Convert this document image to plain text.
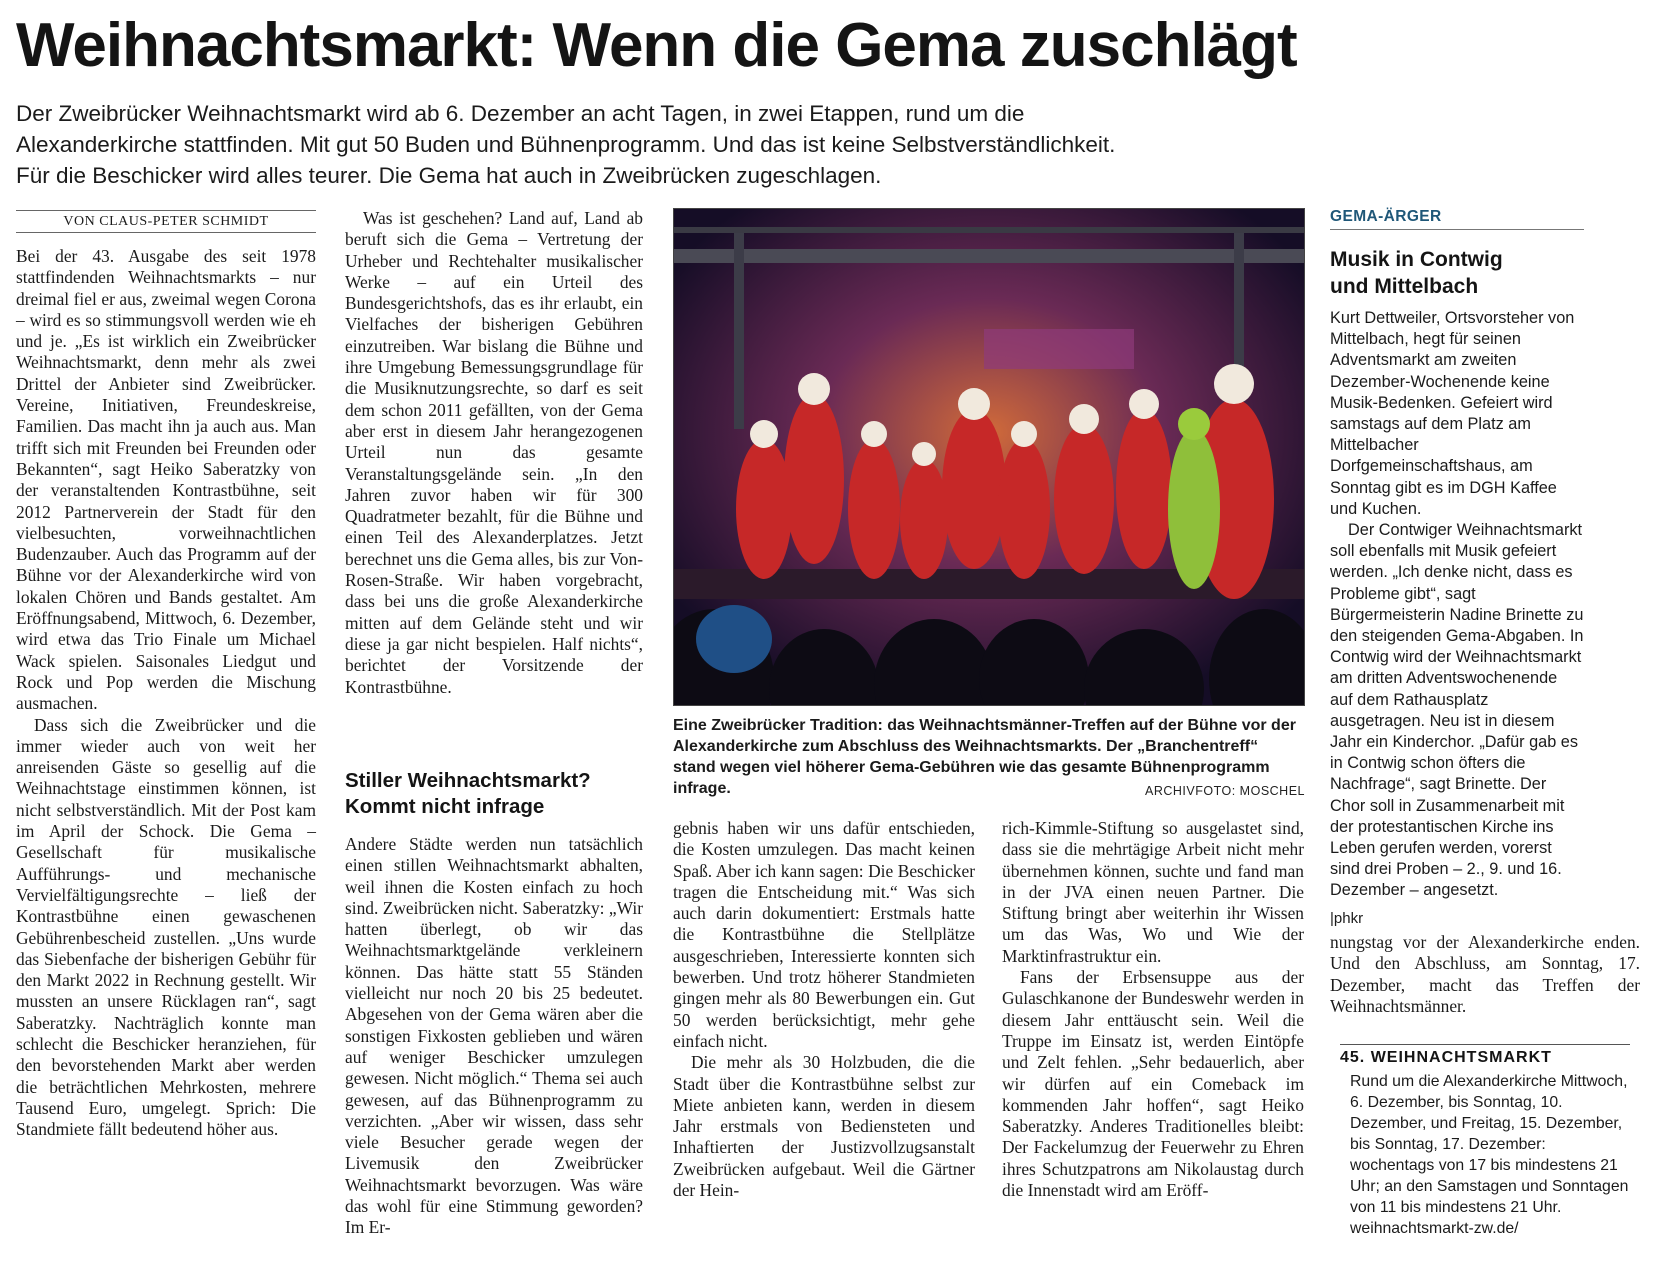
Weihnachtsmarkt: Wenn die Gema zuschlägt
Der Zweibrücker Weihnachtsmarkt wird ab 6. Dezember an acht Tagen, in zwei Etappen, rund um die
Alexanderkirche stattfinden. Mit gut 50 Buden und Bühnenprogramm. Und das ist keine Selbstverständlichkeit.
Für die Beschicker wird alles teurer. Die Gema hat auch in Zweibrücken zugeschlagen.
VON CLAUS-PETER SCHMIDT

Bei der 43. Ausgabe des seit 1978 stattfindenden Weihnachtsmarkts – nur dreimal fiel er aus, zweimal wegen Corona – wird es so stimmungsvoll werden wie eh und je. „Es ist wirklich ein Zweibrücker Weihnachtsmarkt, denn mehr als zwei Drittel der Anbieter sind Zweibrücker. Vereine, Initiativen, Freundeskreise, Familien. Das macht ihn ja auch aus. Man trifft sich mit Freunden bei Freunden oder Bekannten“, sagt Heiko Saberatzky von der veranstaltenden Kontrastbühne, seit 2012 Partnerverein der Stadt für den vielbesuchten, vorweihnachtlichen Budenzauber. Auch das Programm auf der Bühne vor der Alexanderkirche wird von lokalen Chören und Bands gestaltet. Am Eröffnungsabend, Mittwoch, 6. Dezember, wird etwa das Trio Finale um Michael Wack spielen. Saisonales Liedgut und Rock und Pop werden die Mischung ausmachen.

Dass sich die Zweibrücker und die immer wieder auch von weit her anreisenden Gäste so gesellig auf die Weihnachtstage einstimmen können, ist nicht selbstverständlich. Mit der Post kam im April der Schock. Die Gema – Gesellschaft für musikalische Aufführungs- und mechanische Vervielfältigungsrechte – ließ der Kontrastbühne einen gewaschenen Gebührenbescheid zustellen. „Uns wurde das Siebenfache der bisherigen Gebühr für den Markt 2022 in Rechnung gestellt. Wir mussten an unsere Rücklagen ran“, sagt Saberatzky. Nachträglich konnte man schlecht die Beschicker heranziehen, für den bevorstehenden Markt aber werden die beträchtlichen Mehrkosten, mehrere Tausend Euro, umgelegt. Sprich: Die Standmiete fällt bedeutend höher aus.

Was ist geschehen? Land auf, Land ab beruft sich die Gema – Vertretung der Urheber und Rechtehalter musikalischer Werke – auf ein Urteil des Bundesgerichtshofs, das es ihr erlaubt, ein Vielfaches der bisherigen Gebühren einzutreiben. War bislang die Bühne und ihre Umgebung Bemessungsgrundlage für die Musiknutzungsrechte, so darf es seit dem schon 2011 gefällten, von der Gema aber erst in diesem Jahr herangezogenen Urteil nun das gesamte Veranstaltungsgelände sein. „In den Jahren zuvor haben wir für 300 Quadratmeter bezahlt, für die Bühne und einen Teil des Alexanderplatzes. Jetzt berechnet uns die Gema alles, bis zur Von-Rosen-Straße. Wir haben vorgebracht, dass bei uns die große Alexanderkirche mitten auf dem Gelände steht und wir diese ja gar nicht bespielen. Half nichts“, berichtet der Vorsitzende der Kontrastbühne.

Stiller Weihnachtsmarkt?
Kommt nicht infrage

Andere Städte werden nun tatsächlich einen stillen Weihnachtsmarkt abhalten, weil ihnen die Kosten einfach zu hoch sind. Zweibrücken nicht. Saberatzky: „Wir hatten überlegt, ob wir das Weihnachtsmarktgelände verkleinern können. Das hätte statt 55 Ständen vielleicht nur noch 20 bis 25 bedeutet. Abgesehen von der Gema wären aber die sonstigen Fixkosten geblieben und wären auf weniger Beschicker umzulegen gewesen. Nicht möglich.“ Thema sei auch gewesen, auf das Bühnenprogramm zu verzichten. „Aber wir wissen, dass sehr viele Besucher gerade wegen der Livemusik den Zweibrücker Weihnachtsmarkt bevorzugen. Was wäre das wohl für eine Stimmung geworden? Im Er-

Eine Zweibrücker Tradition: das Weihnachtsmänner-Treffen auf der Bühne vor der Alexanderkirche zum Abschluss des Weihnachtsmarkts. Der „Branchentreff“ stand wegen viel höherer Gema-Gebühren wie das gesamte Bühnenprogramm infrage.	ARCHIVFOTO: MOSCHEL

gebnis haben wir uns dafür entschieden, die Kosten umzulegen. Das macht keinen Spaß. Aber ich kann sagen: Die Beschicker tragen die Entscheidung mit.“ Was sich auch darin dokumentiert: Erstmals hatte die Kontrastbühne die Stellplätze ausgeschrieben, Interessierte konnten sich bewerben. Und trotz höherer Standmieten gingen mehr als 80 Bewerbungen ein. Gut 50 werden berücksichtigt, mehr gehe einfach nicht.

Die mehr als 30 Holzbuden, die die Stadt über die Kontrastbühne selbst zur Miete anbieten kann, werden in diesem Jahr erstmals von Bediensteten und Inhaftierten der Justizvollzugsanstalt Zweibrücken aufgebaut. Weil die Gärtner der Hein-

rich-Kimmle-Stiftung so ausgelastet sind, dass sie die mehrtägige Arbeit nicht mehr übernehmen können, suchte und fand man in der JVA einen neuen Partner. Die Stiftung bringt aber weiterhin ihr Wissen um das Was, Wo und Wie der Marktinfrastruktur ein.

Fans der Erbsensuppe aus der Gulaschkanone der Bundeswehr werden in diesem Jahr enttäuscht sein. Weil die Truppe im Einsatz ist, werden Eintöpfe und Zelt fehlen. „Sehr bedauerlich, aber wir dürfen auf ein Comeback im kommenden Jahr hoffen“, sagt Heiko Saberatzky. Anderes Traditionelles bleibt: Der Fackelumzug der Feuerwehr zu Ehren ihres Schutzpatrons am Nikolaustag durch die Innenstadt wird am Eröff-

GEMA-ÄRGER
Musik in Contwig
und Mittelbach

Kurt Dettweiler, Ortsvorsteher von Mittelbach, hegt für seinen Adventsmarkt am zweiten Dezember-Wochenende keine Musik-Bedenken. Gefeiert wird samstags auf dem Platz am Mittelbacher Dorfgemeinschaftshaus, am Sonntag gibt es im DGH Kaffee und Kuchen.

Der Contwiger Weihnachtsmarkt soll ebenfalls mit Musik gefeiert werden. „Ich denke nicht, dass es Probleme gibt“, sagt Bürgermeisterin Nadine Brinette zu den steigenden Gema-Abgaben. In Contwig wird der Weihnachtsmarkt am dritten Adventswochenende auf dem Rathausplatz ausgetragen. Neu ist in diesem Jahr ein Kinderchor. „Dafür gab es in Contwig schon öfters die Nachfrage“, sagt Brinette. Der Chor soll in Zusammenarbeit mit der protestantischen Kirche ins Leben gerufen werden, vorerst sind drei Proben – 2., 9. und 16. Dezember – angesetzt.

|phkr

nungstag vor der Alexanderkirche enden. Und den Abschluss, am Sonntag, 17. Dezember, macht das Treffen der Weihnachtsmänner.

45. WEIHNACHTSMARKT
Rund um die Alexanderkirche Mittwoch, 6. Dezember, bis Sonntag, 10. Dezember, und Freitag, 15. Dezember, bis Sonntag, 17. Dezember: wochentags von 17 bis mindestens 21 Uhr; an den Samstagen und Sonntagen von 11 bis mindestens 21 Uhr. weihnachtsmarkt-zw.de/
